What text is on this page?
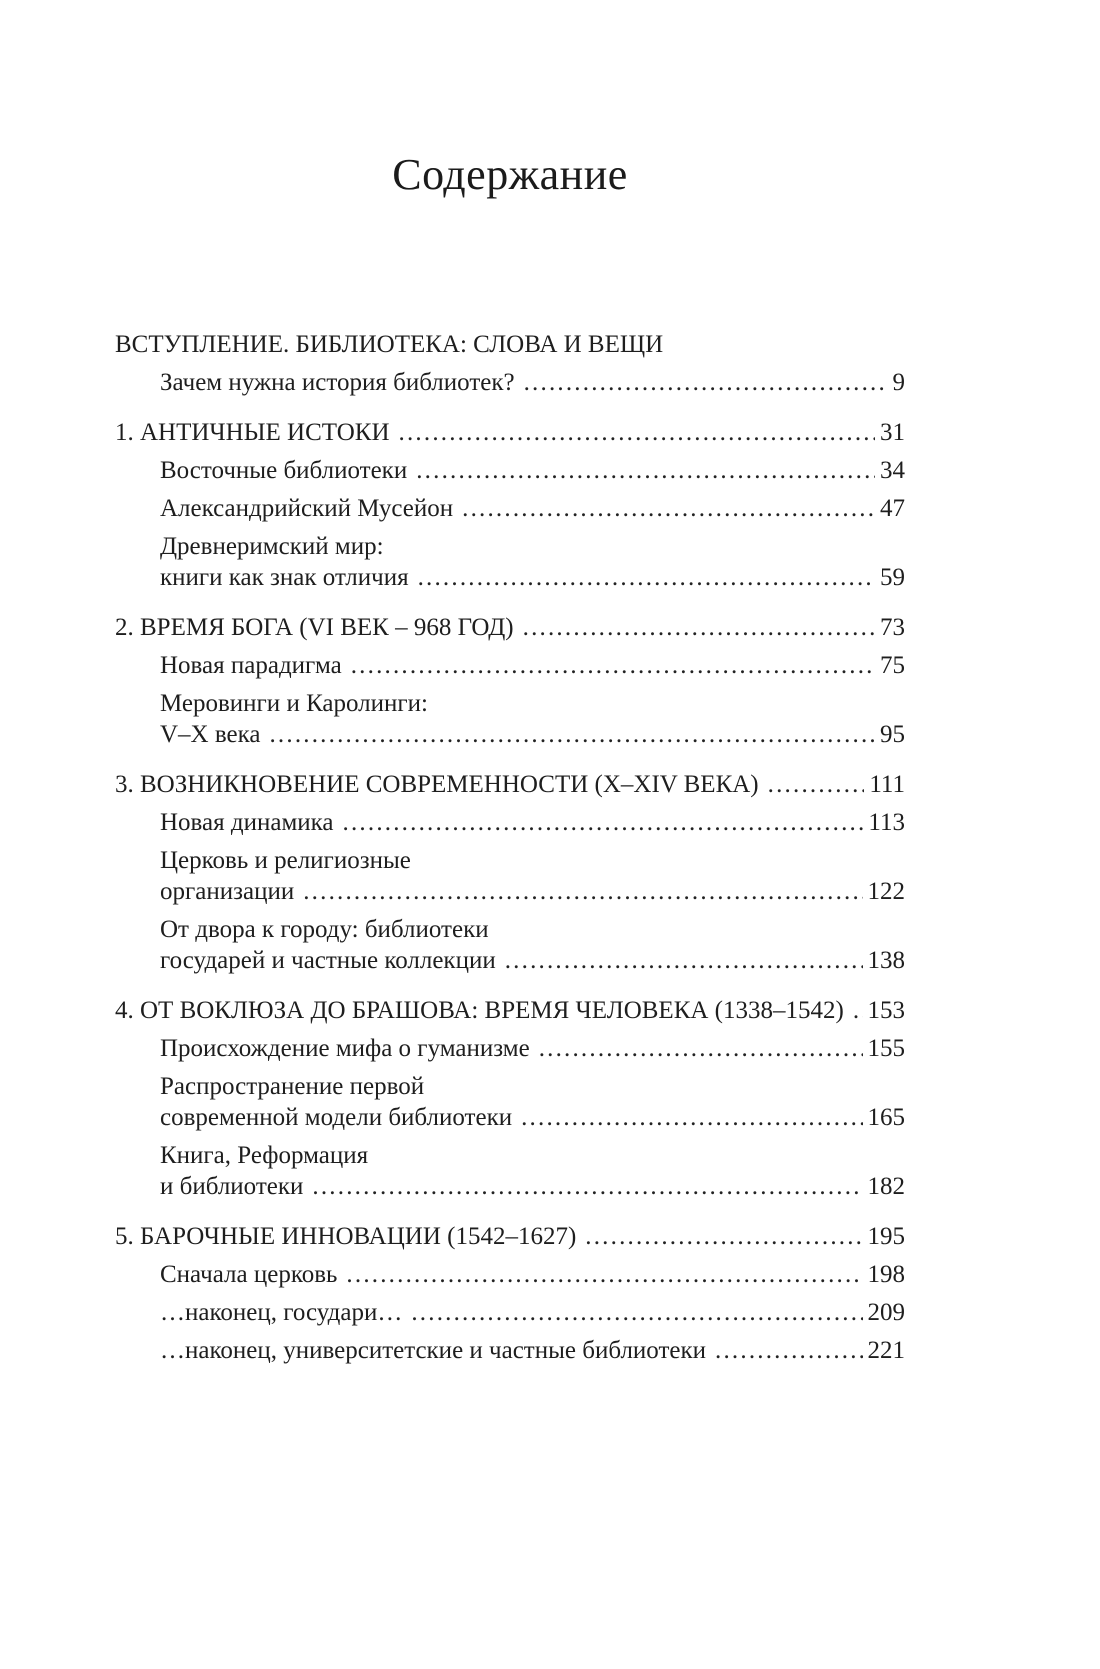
Содержание
ВСТУПЛЕНИЕ. БИБЛИОТЕКА: СЛОВА И ВЕЩИ
Зачем нужна история библиотек? .....	9
1. АНТИЧНЫЕ ИСТОКИ .....	31
Восточные библиотеки .....	34
Александрийский Мусейон .....	47
Древнеримский мир:
книги как знак отличия .....	59
2. ВРЕМЯ БОГА (VI ВЕК – 968 ГОД) .....	73
Новая парадигма .....	75
Меровинги и Каролинги:
V–X века .....	95
3. ВОЗНИКНОВЕНИЕ СОВРЕМЕННОСТИ (X–XIV ВЕКА) .....	111
Новая динамика .....	113
Церковь и религиозные
организации .....	122
От двора к городу: библиотеки
государей и частные коллекции .....	138
4. ОТ ВОКЛЮЗА ДО БРАШОВА: ВРЕМЯ ЧЕЛОВЕКА (1338–1542) ..... 153
Происхождение мифа о гуманизме .....	155
Распространение первой
современной модели библиотеки .....	165
Книга, Реформация
и библиотеки .....	182
5. БАРОЧНЫЕ ИННОВАЦИИ (1542–1627) .....	195
Сначала церковь .....	198
…наконец, государи… .....	209
…наконец, университетские и частные библиотеки .....	221
